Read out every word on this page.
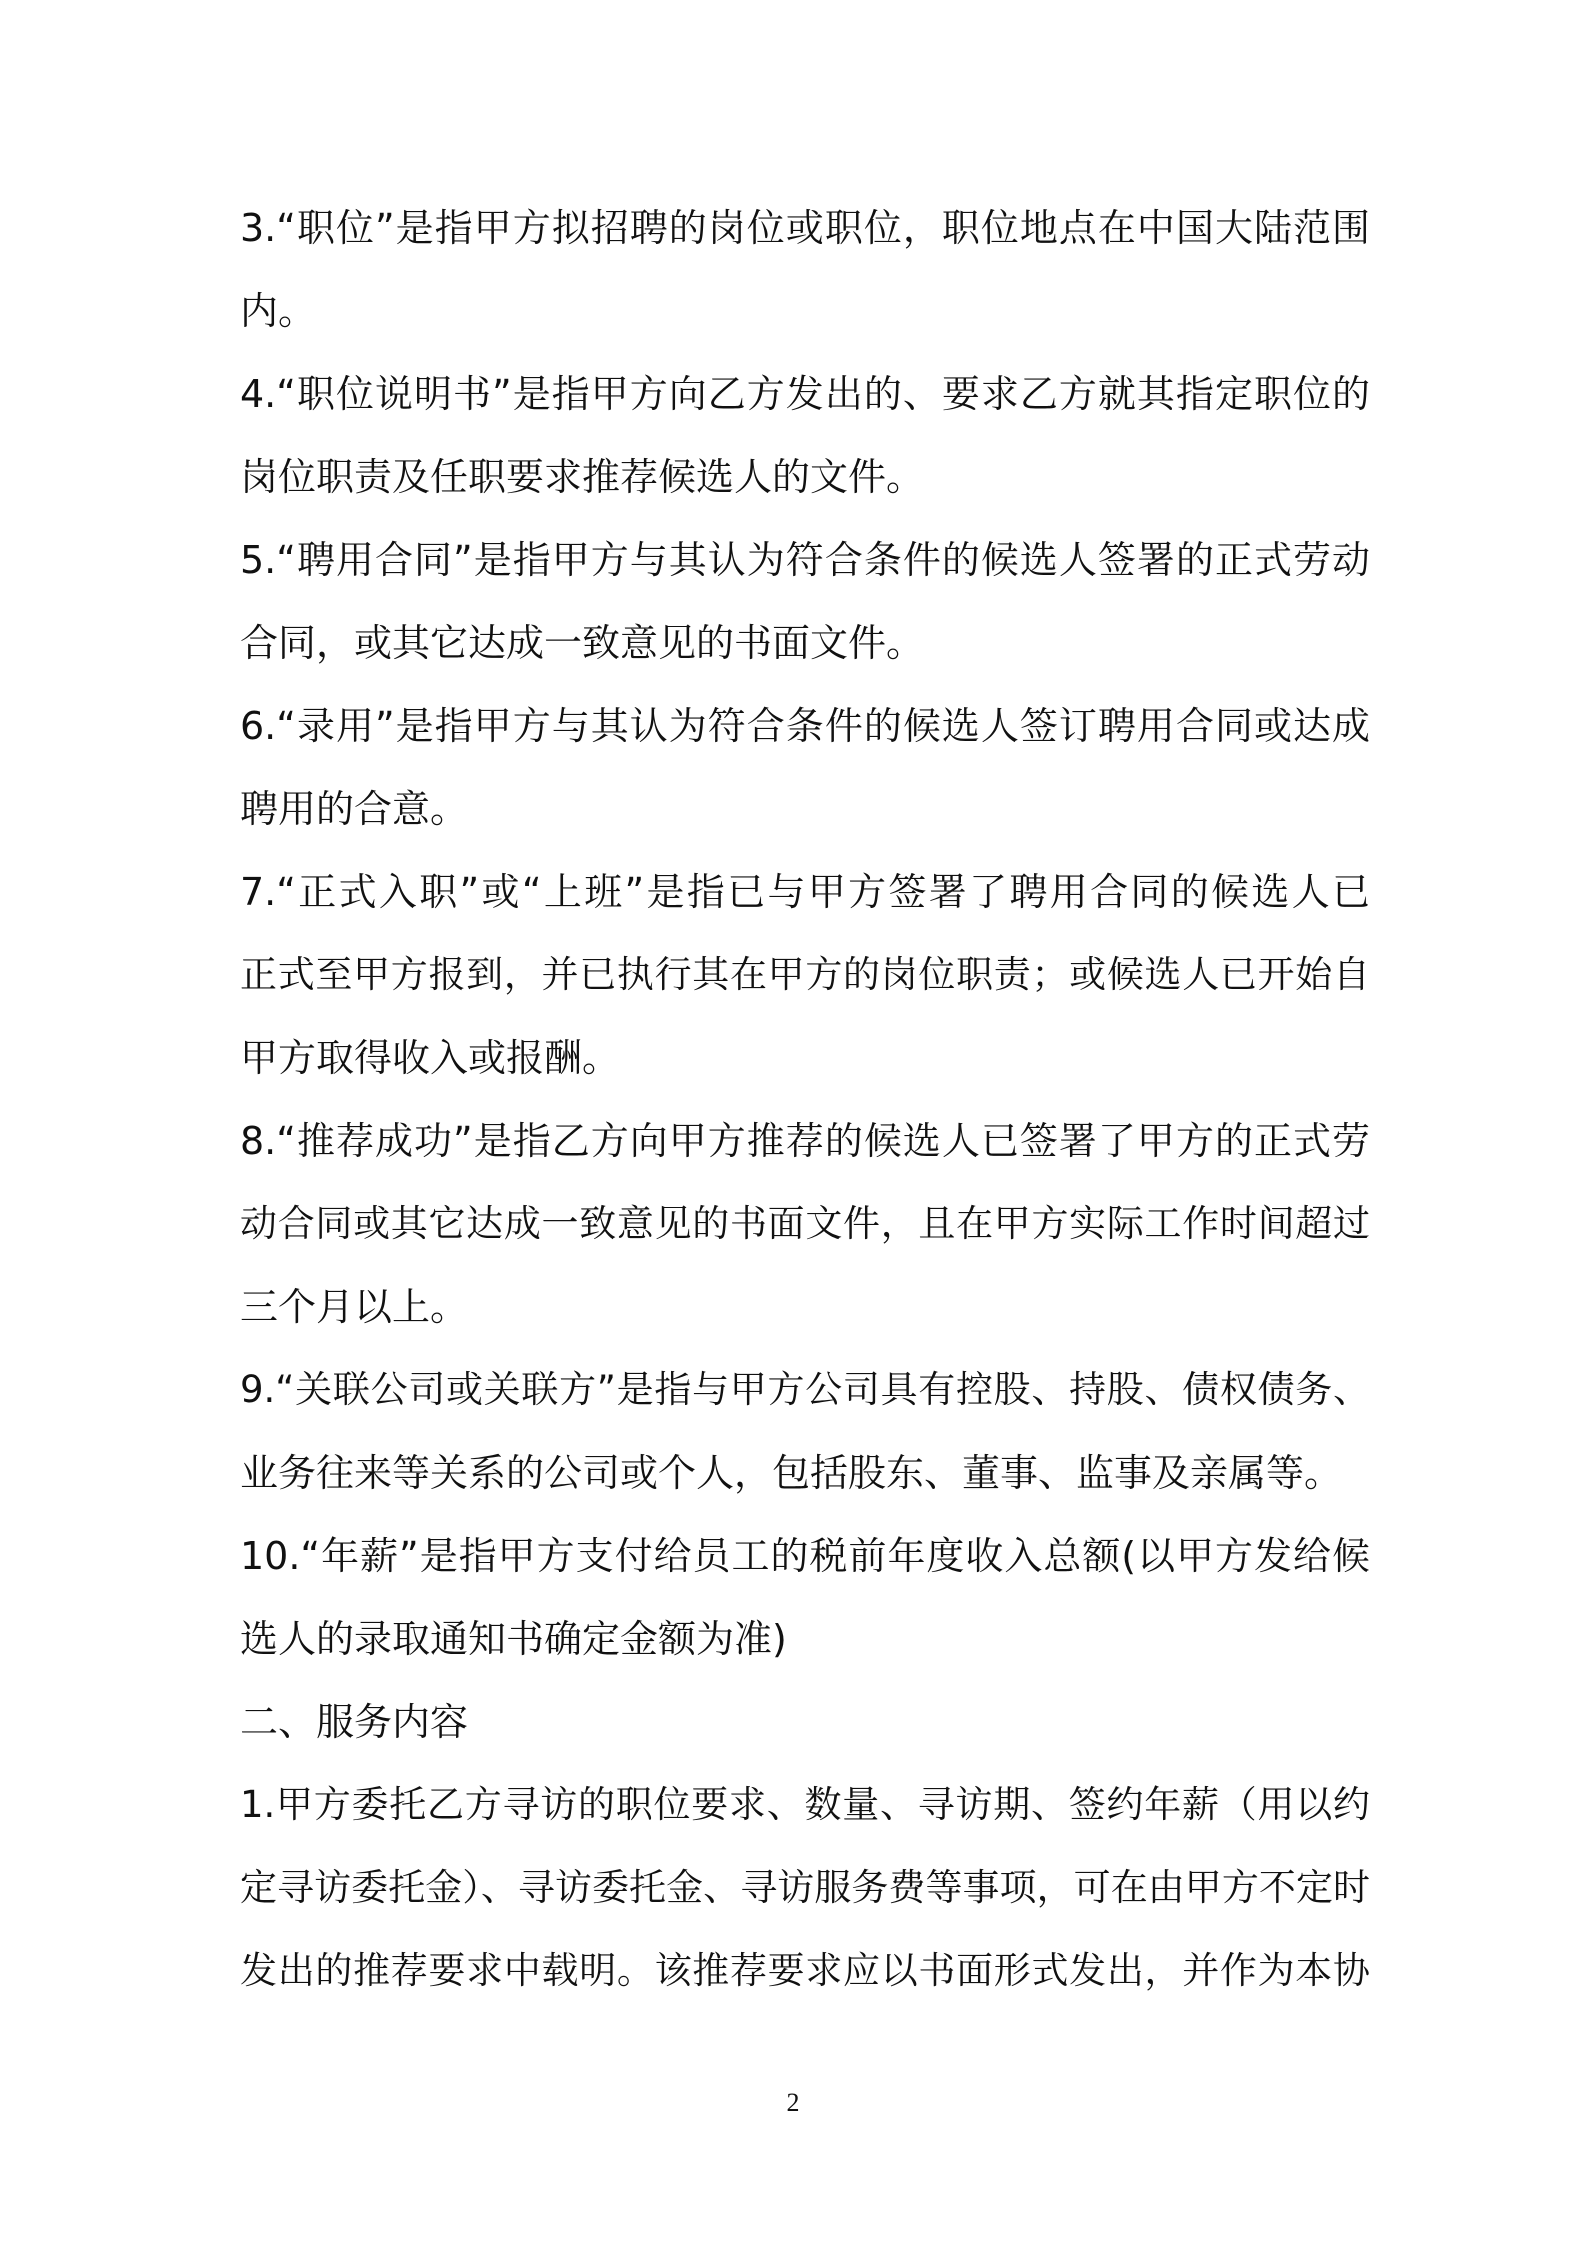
3.“职位”是指甲方拟招聘的岗位或职位，职位地点在中国大陆范围
内。
4.“职位说明书”是指甲方向乙方发出的、要求乙方就其指定职位的
岗位职责及任职要求推荐候选人的文件。
5.“聘用合同”是指甲方与其认为符合条件的候选人签署的正式劳动
合同，或其它达成一致意见的书面文件。
6.“录用”是指甲方与其认为符合条件的候选人签订聘用合同或达成
聘用的合意。
7.“正式入职”或“上班”是指已与甲方签署了聘用合同的候选人已
正式至甲方报到，并已执行其在甲方的岗位职责；或候选人已开始自
甲方取得收入或报酬。
8.“推荐成功”是指乙方向甲方推荐的候选人已签署了甲方的正式劳
动合同或其它达成一致意见的书面文件，且在甲方实际工作时间超过
三个月以上。
9.“关联公司或关联方”是指与甲方公司具有控股、持股、债权债务、
业务往来等关系的公司或个人，包括股东、董事、监事及亲属等。
10.“年薪”是指甲方支付给员工的税前年度收入总额(以甲方发给候
选人的录取通知书确定金额为准)
二、服务内容
1.甲方委托乙方寻访的职位要求、数量、寻访期、签约年薪（用以约
定寻访委托金）、寻访委托金、寻访服务费等事项，可在由甲方不定时
发出的推荐要求中载明。该推荐要求应以书面形式发出，并作为本协
2
